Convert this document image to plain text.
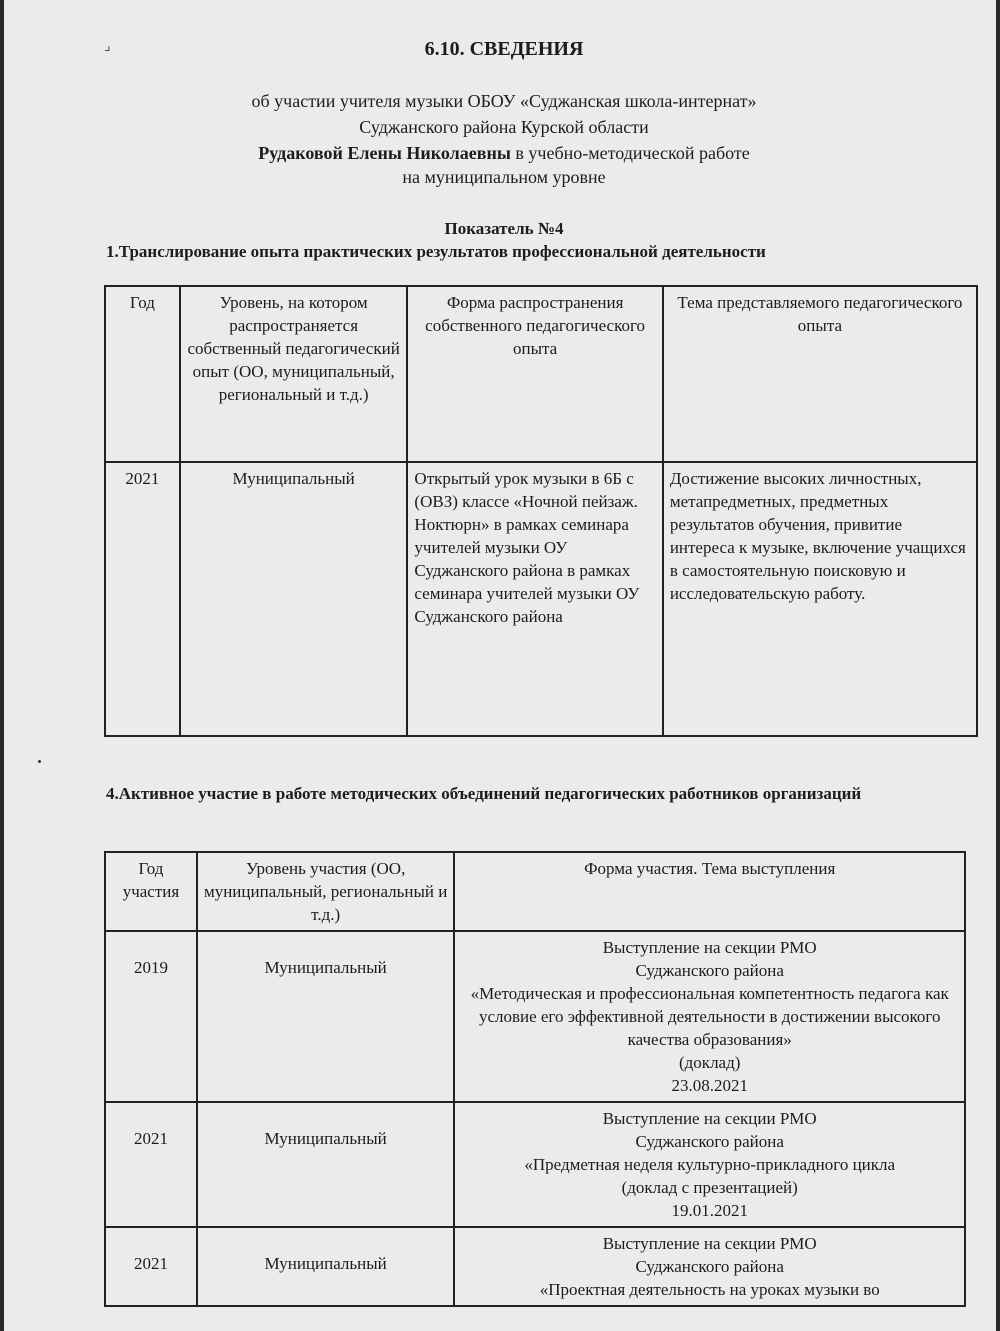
⌟	6.10. СВЕДЕНИЯ
об участии учителя музыки ОБОУ «Суджанская школа-интернат»
Суджанского района Курской области
Рудаковой Елены Николаевны в учебно-методической работе
на муниципальном уровне
Показатель №4
1.Транслирование опыта практических результатов профессиональной деятельности
Год	Уровень, на котором распространяется собственный педагогический опыт (ОО, муниципальный, региональный и т.д.)	Форма распространения собственного педагогического опыта	Тема представляемого педагогического опыта
2021	Муниципальный	Открытый урок музыки в 6Б с (ОВЗ) классе «Ночной пейзаж. Ноктюрн» в рамках семинара учителей музыки ОУ Суджанского района в рамках семинара учителей музыки ОУ Суджанского района	Достижение высоких личностных, метапредметных, предметных результатов обучения, привитие интереса к музыке, включение учащихся в самостоятельную поисковую и исследовательскую работу.
4.Активное участие в работе методических объединений педагогических работников организаций
Год участия	Уровень участия (ОО, муниципальный, региональный и т.д.)	Форма участия. Тема выступления
2019	Муниципальный	Выступление на секции РМО
Суджанского района
«Методическая и профессиональная компетентность педагога как условие его эффективной деятельности в достижении высокого качества образования»
(доклад)
23.08.2021
2021	Муниципальный	Выступление на секции РМО
Суджанского района
«Предметная неделя культурно-прикладного цикла
(доклад с презентацией)
19.01.2021
2021	Муниципальный	Выступление на секции РМО
Суджанского района
«Проектная деятельность на уроках музыки во
